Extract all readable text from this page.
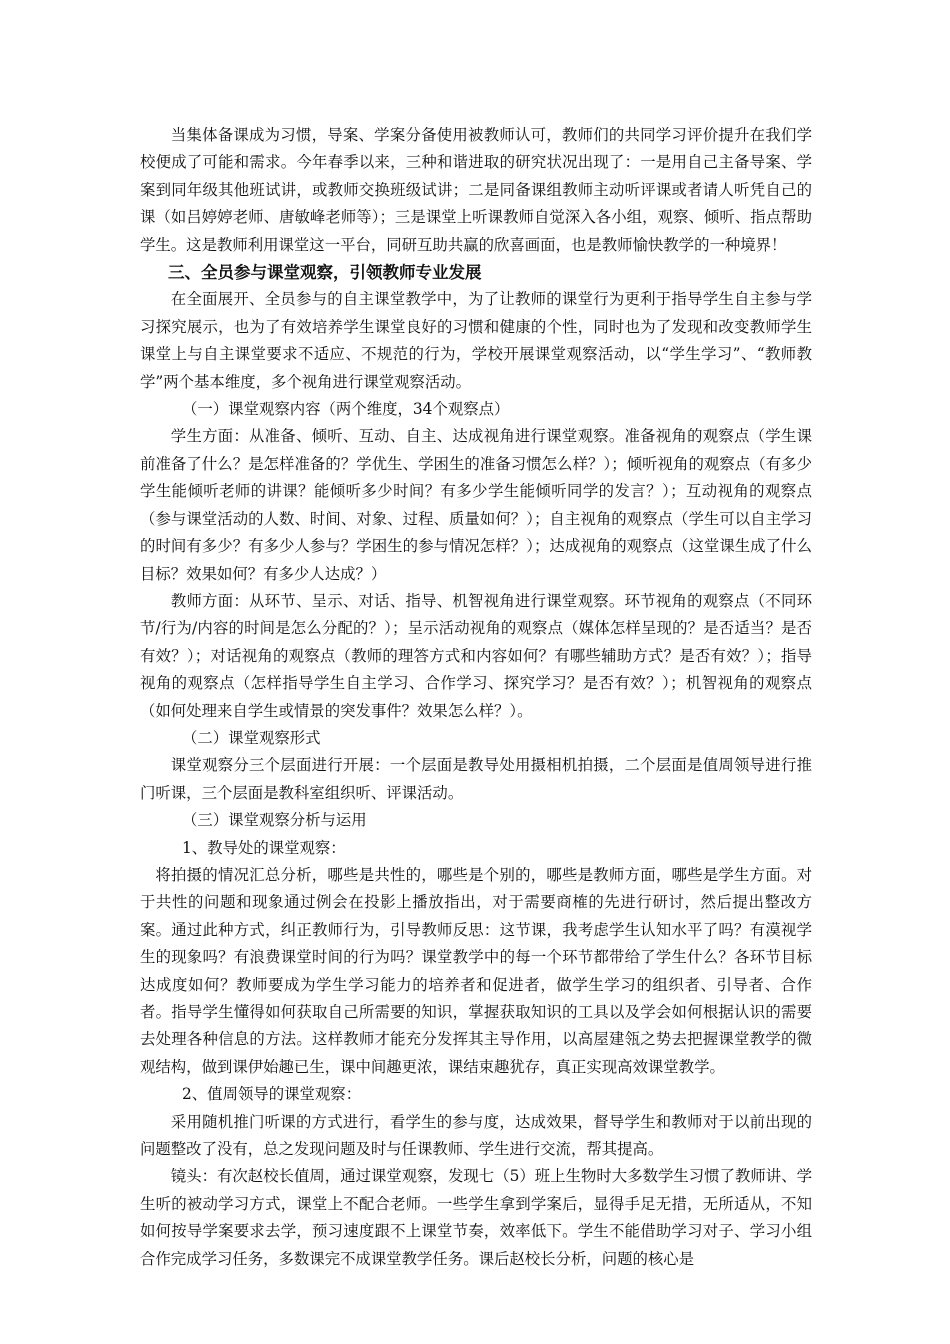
当集体备课成为习惯，导案、学案分备使用被教师认可，教师们的共同学习评价提升在我们学校便成了可能和需求。今年春季以来，三种和谐进取的研究状况出现了：一是用自己主备导案、学案到同年级其他班试讲，或教师交换班级试讲；二是同备课组教师主动听评课或者请人听凭自己的课（如吕婷婷老师、唐敏峰老师等）；三是课堂上听课教师自觉深入各小组，观察、倾听、指点帮助学生。这是教师利用课堂这一平台，同研互助共赢的欣喜画面，也是教师愉快教学的一种境界！

三、全员参与课堂观察，引领教师专业发展

在全面展开、全员参与的自主课堂教学中，为了让教师的课堂行为更利于指导学生自主参与学习探究展示，也为了有效培养学生课堂良好的习惯和健康的个性，同时也为了发现和改变教师学生课堂上与自主课堂要求不适应、不规范的行为，学校开展课堂观察活动，以“学生学习”、“教师教学”两个基本维度，多个视角进行课堂观察活动。

（一）课堂观察内容（两个维度，34个观察点）

学生方面：从准备、倾听、互动、自主、达成视角进行课堂观察。准备视角的观察点（学生课前准备了什么？是怎样准备的？学优生、学困生的准备习惯怎么样？）；倾听视角的观察点（有多少学生能倾听老师的讲课？能倾听多少时间？有多少学生能倾听同学的发言？）；互动视角的观察点（参与课堂活动的人数、时间、对象、过程、质量如何？）；自主视角的观察点（学生可以自主学习的时间有多少？有多少人参与？学困生的参与情况怎样？）；达成视角的观察点（这堂课生成了什么目标？效果如何？有多少人达成？）

教师方面：从环节、呈示、对话、指导、机智视角进行课堂观察。环节视角的观察点（不同环节/行为/内容的时间是怎么分配的？）；呈示活动视角的观察点（媒体怎样呈现的？是否适当？是否有效？）；对话视角的观察点（教师的理答方式和内容如何？有哪些辅助方式？是否有效？）；指导视角的观察点（怎样指导学生自主学习、合作学习、探究学习？是否有效？）；机智视角的观察点（如何处理来自学生或情景的突发事件？效果怎么样？）。

（二）课堂观察形式

课堂观察分三个层面进行开展：一个层面是教导处用摄相机拍摄，二个层面是值周领导进行推门听课，三个层面是教科室组织听、评课活动。

（三）课堂观察分析与运用

1、教导处的课堂观察：

将拍摄的情况汇总分析，哪些是共性的，哪些是个别的，哪些是教师方面，哪些是学生方面。对于共性的问题和现象通过例会在投影上播放指出，对于需要商榷的先进行研讨，然后提出整改方案。通过此种方式，纠正教师行为，引导教师反思：这节课，我考虑学生认知水平了吗？有漠视学生的现象吗？有浪费课堂时间的行为吗？课堂教学中的每一个环节都带给了学生什么？各环节目标达成度如何？教师要成为学生学习能力的培养者和促进者，做学生学习的组织者、引导者、合作者。指导学生懂得如何获取自己所需要的知识，掌握获取知识的工具以及学会如何根据认识的需要去处理各种信息的方法。这样教师才能充分发挥其主导作用，以高屋建瓴之势去把握课堂教学的微观结构，做到课伊始趣已生，课中间趣更浓，课结束趣犹存，真正实现高效课堂教学。

2、值周领导的课堂观察：

采用随机推门听课的方式进行，看学生的参与度，达成效果，督导学生和教师对于以前出现的问题整改了没有，总之发现问题及时与任课教师、学生进行交流，帮其提高。

镜头：有次赵校长值周，通过课堂观察，发现七（5）班上生物时大多数学生习惯了教师讲、学生听的被动学习方式，课堂上不配合老师。一些学生拿到学案后，显得手足无措，无所适从，不知如何按导学案要求去学，预习速度跟不上课堂节奏，效率低下。学生不能借助学习对子、学习小组合作完成学习任务，多数课完不成课堂教学任务。课后赵校长分析，问题的核心是
